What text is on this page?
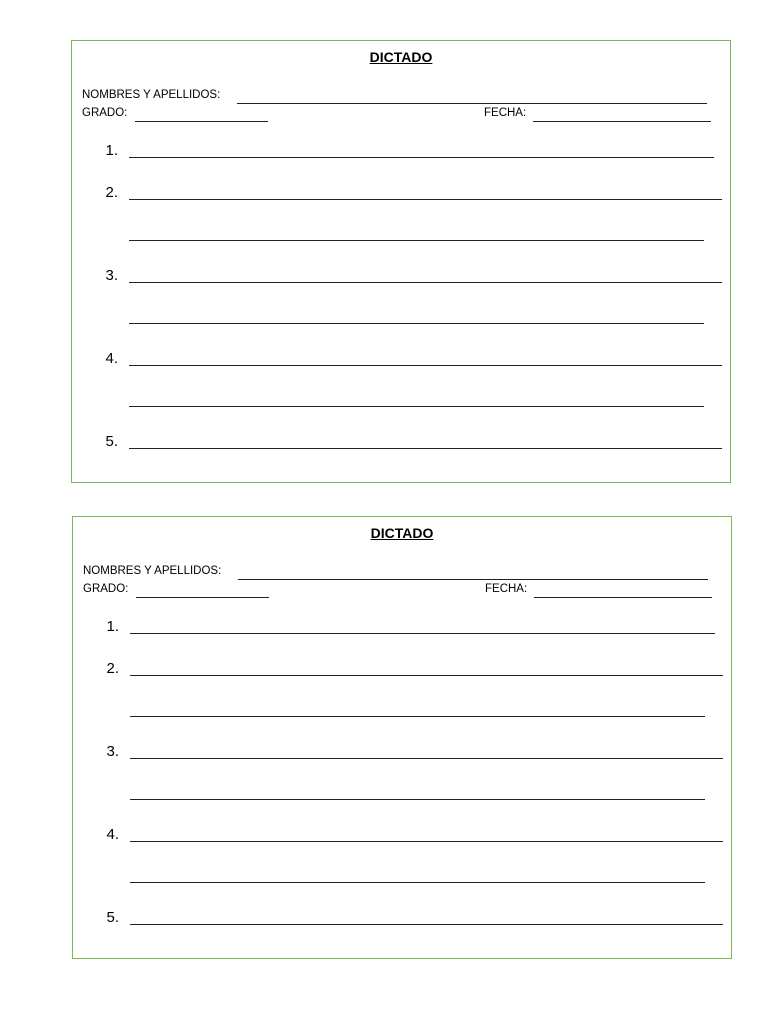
DICTADO
NOMBRES Y APELLIDOS:
GRADO:	FECHA:
1.
2.
3.
4.
5.
DICTADO
NOMBRES Y APELLIDOS:
GRADO:	FECHA:
1.
2.
3.
4.
5.
